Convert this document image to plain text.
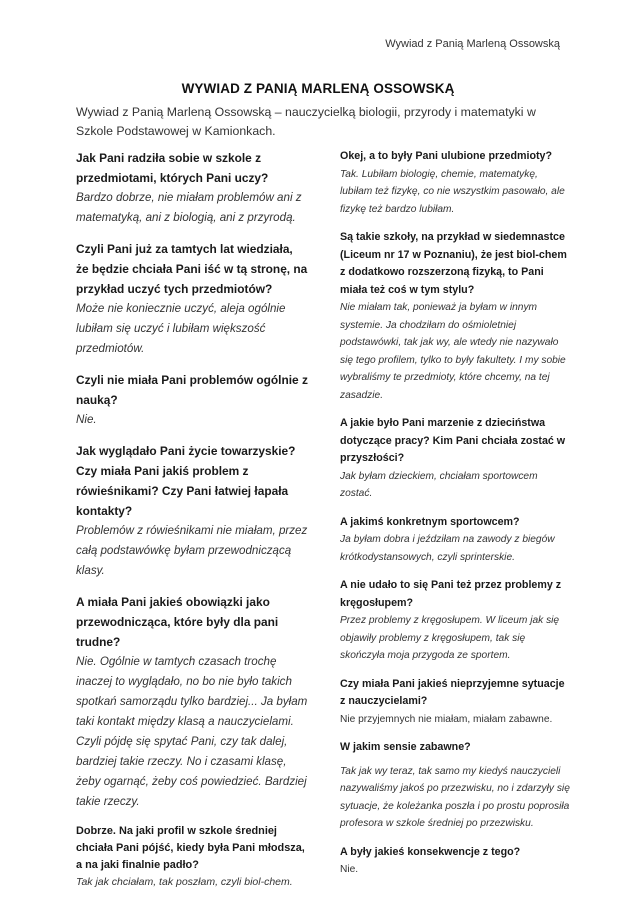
Wywiad z Panią Marleną Ossowską
WYWIAD Z PANIĄ MARLENĄ OSSOWSKĄ
Wywiad z Panią Marleną Ossowską – nauczycielką biologii, przyrody i matematyki w Szkole Podstawowej w Kamionkach.
Jak Pani radziła sobie w szkole z przedmiotami, których Pani uczy?
Bardzo dobrze, nie miałam problemów ani z matematyką, ani z biologią, ani z przyrodą.
Czyli Pani już za tamtych lat wiedziała, że będzie chciała Pani iść w tą stronę, na przykład uczyć tych przedmiotów?
Może nie koniecznie uczyć, aleja ogólnie lubiłam się uczyć i lubiłam większość przedmiotów.
Czyli nie miała Pani problemów ogólnie z nauką?
Nie.
Jak wyglądało Pani życie towarzyskie? Czy miała Pani jakiś problem z rówieśnikami? Czy Pani łatwiej łapała kontakty?
Problemów z rówieśnikami nie miałam, przez całą podstawówkę byłam przewodniczącą klasy.
A miała Pani jakieś obowiązki jako przewodnicząca, które były dla pani trudne?
Nie. Ogólnie w tamtych czasach trochę inaczej to wyglądało, no bo nie było takich spotkań samorządu tylko bardziej... Ja byłam taki kontakt między klasą a nauczycielami. Czyli pójdę się spytać Pani, czy tak dalej, bardziej takie rzeczy. No i czasami klasę, żeby ogarnąć, żeby coś powiedzieć. Bardziej takie rzeczy.
Dobrze. Na jaki profil w szkole średniej chciała Pani pójść, kiedy była Pani młodsza, a na jaki finalnie padło?
Tak jak chciałam, tak poszłam, czyli biol-chem.
Okej, a to były Pani ulubione przedmioty?
Tak. Lubiłam biologię, chemie, matematykę, lubiłam też fizykę, co nie wszystkim pasowało, ale fizykę też bardzo lubiłam.
Są takie szkoły, na przykład w siedemnastce (Liceum nr 17 w Poznaniu), że jest biol-chem z dodatkowo rozszerzoną fizyką, to Pani miała też coś w tym stylu?
Nie miałam tak, ponieważ ja byłam w innym systemie. Ja chodziłam do ośmioletniej podstawówki, tak jak wy, ale wtedy nie nazywało się tego profilem, tylko to były fakultety. I my sobie wybraliśmy te przedmioty, które chcemy, na tej zasadzie.
A jakie było Pani marzenie z dzieciństwa dotyczące pracy? Kim Pani chciała zostać w przyszłości?
Jak byłam dzieckiem, chciałam sportowcem zostać.
A jakimś konkretnym sportowcem?
Ja byłam dobra i jeździłam na zawody z biegów krótkodystansowych, czyli sprinterskie.
A nie udało to się Pani też przez problemy z kręgosłupem?
Przez problemy z kręgosłupem. W liceum jak się objawiły problemy z kręgosłupem, tak się skończyła moja przygoda ze sportem.
Czy miała Pani jakieś nieprzyjemne sytuacje z nauczycielami?
Nie przyjemnych nie miałam, miałam zabawne.
W jakim sensie zabawne?
Tak jak wy teraz, tak samo my kiedyś nauczycieli nazywaliśmy jakoś po przezwisku, no i zdarzyły się sytuacje, że koleżanka poszła i po prostu poprosiła profesora w szkole średniej po przezwisku.
A były jakieś konsekwencje z tego?
Nie.
